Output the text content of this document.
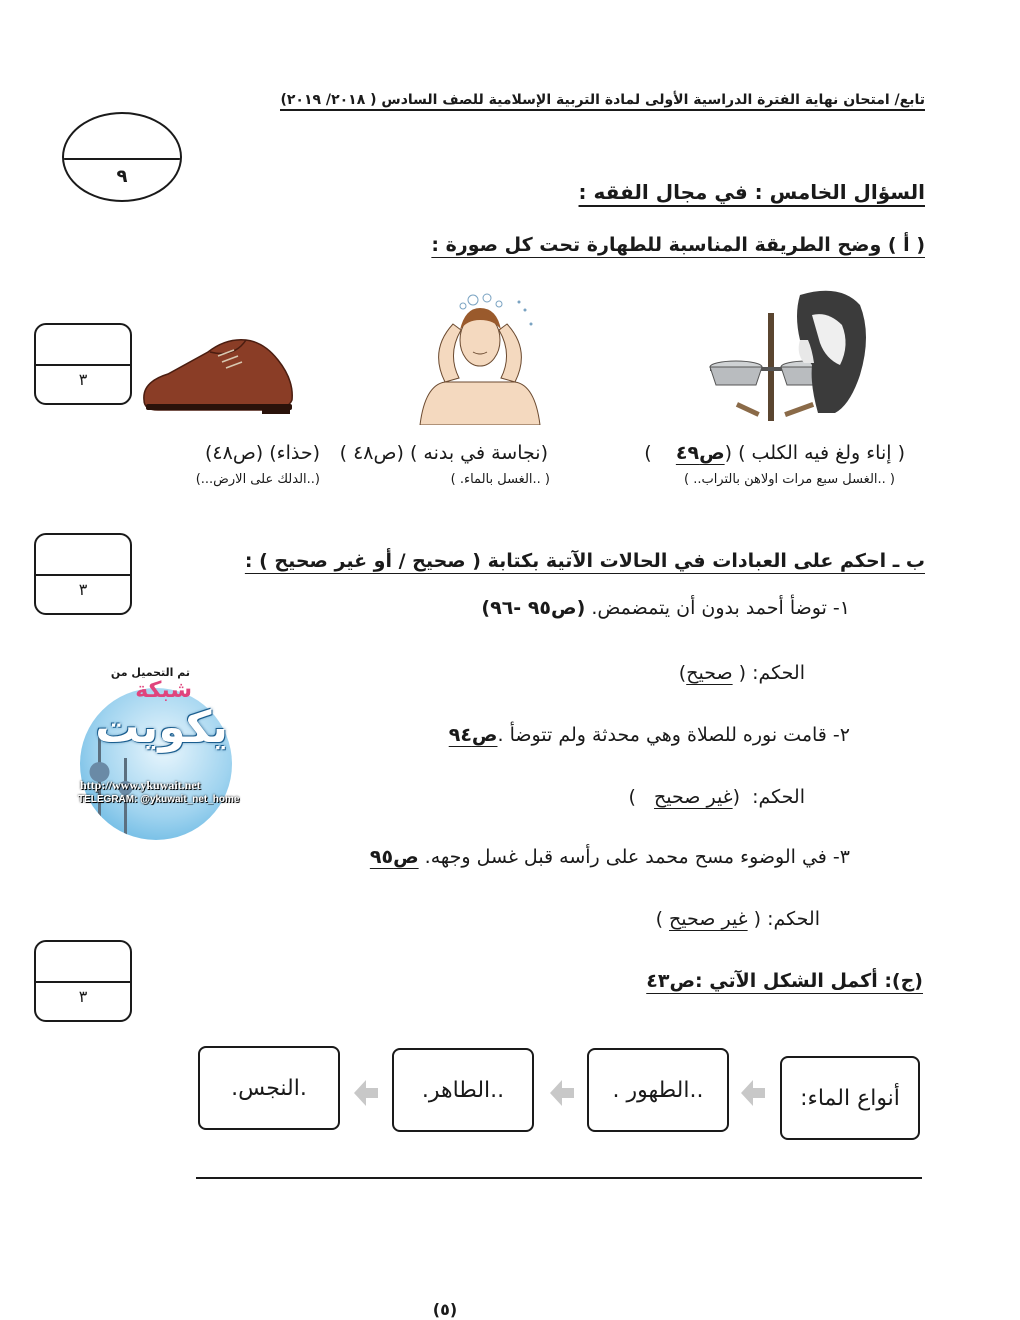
تابع/ امتحان نهاية الفترة الدراسية الأولى لمادة التربية الإسلامية للصف السادس ( ٢٠١٨/ ٢٠١٩)
٩
السؤال الخامس : في مجال الفقه :
( أ ) وضح الطريقة المناسبة للطهارة تحت كل صورة :
٣
( إناء ولغ فيه الكلب ) (ص٤٩    )
( ..الغسل سبع مرات اولاهن بالتراب.. )
(نجاسة في بدنه ) (ص٤٨ )
( ..الغسل بالماء. )
(حذاء) (ص٤٨)
(..الدلك على الارض...)
٣
ب ـ احكم على العبادات في الحالات الآتية بكتابة ( صحيح / أو غير صحيح ) :
١- توضأ أحمد بدون أن يتمضمض. (ص٩٥ -٩٦)
الحكم: ( صحيح)
٢- قامت نوره للصلاة وهي محدثة ولم تتوضأ .ص٩٤
الحكم:  (غير صحيح   )
٣- في الوضوء مسح محمد على رأسه قبل غسل وجهه. ص٩٥
الحكم: ( غير صحيح )
تم التحميل من
شبكة
يكويت
http://www.ykuwait.net
TELEGRAM: @ykuwait_net_home
٣
(ج): أكمل الشكل الآتي :ص٤٣
أنواع الماء:
..الطهور .
..الطاهر.
.النجس.
(٥)
